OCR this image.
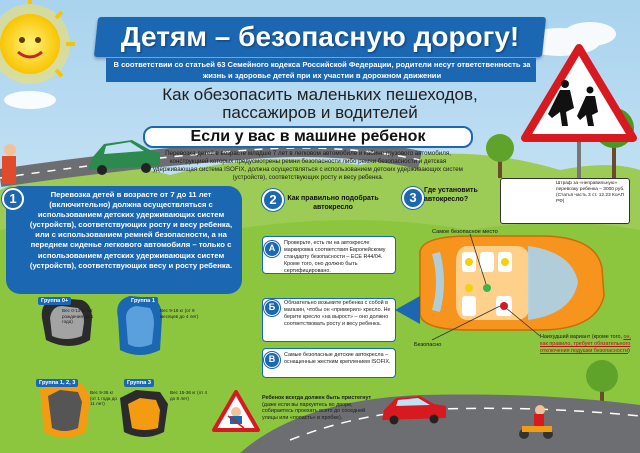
Детям – безопасную дорогу!
В соответствии со статьей 63 Семейного кодекса Российской Федерации, родители несут ответственность за жизнь и здоровье детей при их участии в дорожном движении
Как обезопасить маленьких пешеходов, пассажиров и водителей
Если у вас в машине ребенок
Перевозка детей в возрасте младше 7 лет в легковом автомобиле и кабине грузового автомобиля, конструкцией которых предусмотрены ремни безопасности либо ремни безопасности и детская удерживающая система ISOFIX, должна осуществляться с использованием детских удерживающих систем (устройств), соответствующих росту и весу ребенка.
1	Перевозка детей в возрасте от 7 до 11 лет (включительно) должна осуществляться с использованием детских удерживающих систем (устройств), соответствующих росту и весу ребенка, или с использованием ремней безопасности, а на переднем сиденье легкового автомобиля – только с использованием детских удерживающих систем (устройств), соответствующих весу и росту ребенка.
Группа 0+
Вес 0-13 кг (от рождения до 1 года)
Группа 1
Вес 9-18 кг (от 9 месяцев до 4 лет)
Группа 1, 2, 3
Вес 9-36 кг (от 1 года до 11 лет)
Группа 3
Вес 15-36 кг (от 4 до 8 лет)
2	Как правильно подобрать автокресло
A	Проверьте, есть ли на автокресле маркировка соответствия Европейскому стандарту безопасности – ECE R44/04. Кроме того, оно должно быть сертифицировано.
Б	Обязательно возьмите ребенка с собой в магазин, чтобы он «примерил» кресло. Не берите кресло «на вырост» – оно должно соответствовать росту и весу ребенка.
В	Самые безопасные детские автокресла – оснащенные жестким креплением ISOFIX.
3	Где установить автокресло?
Штраф за «неправильную» перевозку ребенка – 3000 руб. (Статья часть 3 ст. 12.23 КоАП РФ)
Самое безопасное место
Безопасно
Наихудший вариант (кроме того, он, как правило, требует обязательного отключения подушки безопасности)
Ребенок всегда должен быть пристегнут (даже если вы паркуетесь во дворе, собираетесь проехать всего до соседней улицы или «попасть» в пробке).
